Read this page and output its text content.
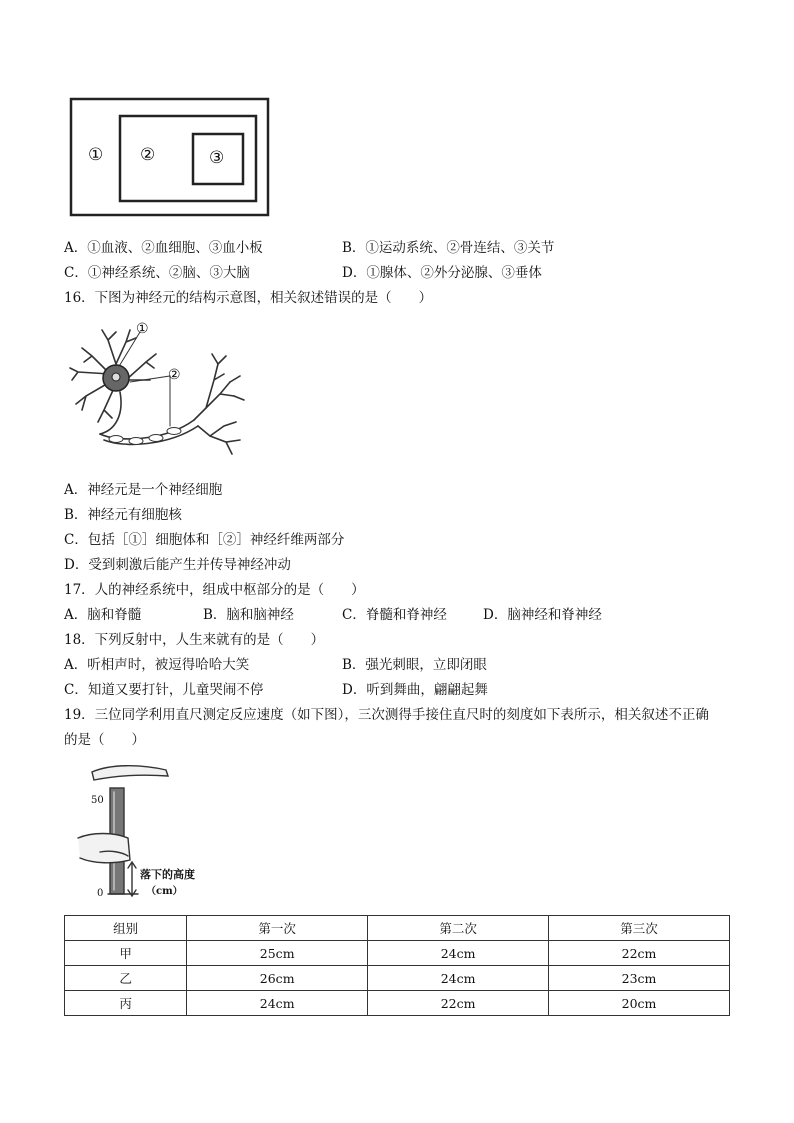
① ②	③
A．①血液、②血细胞、③血小板	B．①运动系统、②骨连结、③关节
C．①神经系统、②脑、③大脑	D．①腺体、②外分泌腺、③垂体
16．下图为神经元的结构示意图，相关叙述错误的是（　　）
①
②
A．神经元是一个神经细胞
B．神经元有细胞核
C．包括［①］细胞体和［②］神经纤维两部分
D．受到刺激后能产生并传导神经冲动
17．人的神经系统中，组成中枢部分的是（　　）
A．脑和脊髓	B．脑和脑神经	C．脊髓和脊神经	D．脑神经和脊神经
18．下列反射中，人生来就有的是（　　）
A．听相声时，被逗得哈哈大笑	B．强光刺眼，立即闭眼
C．知道又要打针，儿童哭闹不停	D．听到舞曲，翩翩起舞
19．三位同学利用直尺测定反应速度（如下图），三次测得手接住直尺时的刻度如下表所示，相关叙述不正确
的是（　　）
50
0
落下的高度
（cm）
组别	第一次	第二次	第三次
甲	25cm	24cm	22cm
乙	26cm	24cm	23cm
丙	24cm	22cm	20cm
